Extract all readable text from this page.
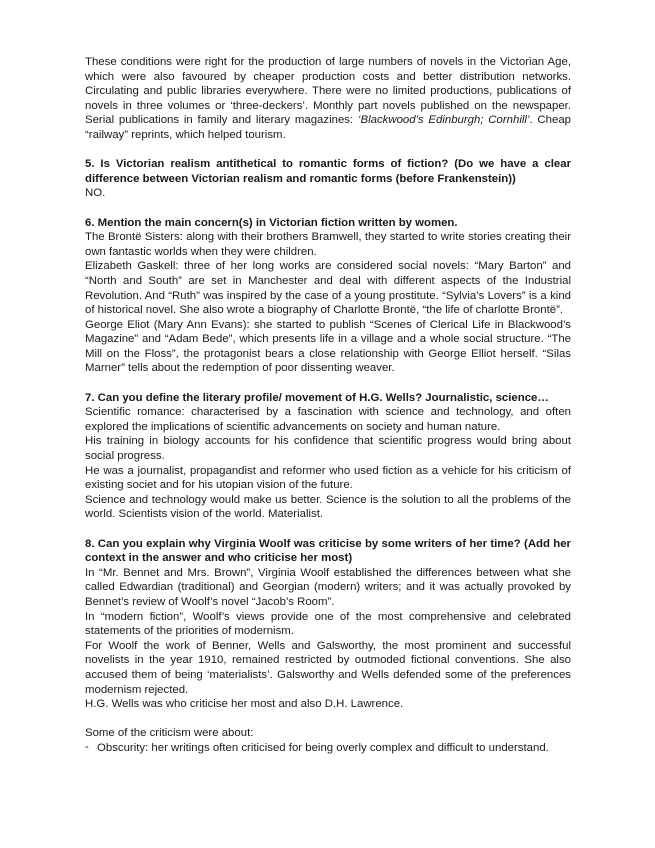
These conditions were right for the production of large numbers of novels in the Victorian Age, which were also favoured by cheaper production costs and better distribution networks. Circulating and public libraries everywhere. There were no limited productions, publications of novels in three volumes or ‘three-deckers’. Monthly part novels published on the newspaper. Serial publications in family and literary magazines: ‘Blackwood’s Edinburgh; Cornhill’. Cheap “railway” reprints, which helped tourism.

5. Is Victorian realism antithetical to romantic forms of fiction? (Do we have a clear difference between Victorian realism and romantic forms (before Frankenstein))

NO.

6. Mention the main concern(s) in Victorian fiction written by women.

The Brontë Sisters: along with their brothers Bramwell, they started to write stories creating their own fantastic worlds when they were children.

Elizabeth Gaskell: three of her long works are considered social novels: “Mary Barton” and “North and South” are set in Manchester and deal with different aspects of the Industrial Revolution. And “Ruth” was inspired by the case of a young prostitute. “Sylvia’s Lovers” is a kind of historical novel. She also wrote a biography of Charlotte Brontë, “the life of charlotte Brontë”.

George Eliot (Mary Ann Evans): she started to publish “Scenes of Clerical Life in Blackwood’s Magazine” and “Adam Bede”, which presents life in a village and a whole social structure. “The Mill on the Floss”, the protagonist bears a close relationship with George Elliot herself. “Silas Marner” tells about the redemption of poor dissenting weaver.

7. Can you define the literary profile/ movement of H.G. Wells? Journalistic, science…

Scientific romance: characterised by a fascination with science and technology, and often explored the implications of scientific advancements on society and human nature.

His training in biology accounts for his confidence that scientific progress would bring about social progress.

He was a journalist, propagandist and reformer who used fiction as a vehicle for his criticism of existing societ and for his utopian vision of the future.

Science and technology would make us better. Science is the solution to all the problems of the world. Scientists vision of the world. Materialist.

8. Can you explain why Virginia Woolf was criticise by some writers of her time? (Add her context in the answer and who criticise her most)

In “Mr. Bennet and Mrs. Brown”, Virginia Woolf established the differences between what she called Edwardian (traditional) and Georgian (modern) writers; and it was actually provoked by Bennet’s review of Woolf’s novel “Jacob’s Room”.

In “modern fiction”, Woolf’s views provide one of the most comprehensive and celebrated statements of the priorities of modernism.

For Woolf the work of Benner, Wells and Galsworthy, the most prominent and successful novelists in the year 1910, remained restricted by outmoded fictional conventions. She also accused them of being ‘materialists’. Galsworthy and Wells defended some of the preferences modernism rejected.

H.G. Wells was who criticise her most and also D.H. Lawrence.

Some of the criticism were about:

- Obscurity: her writings often criticised for being overly complex and difficult to understand.
